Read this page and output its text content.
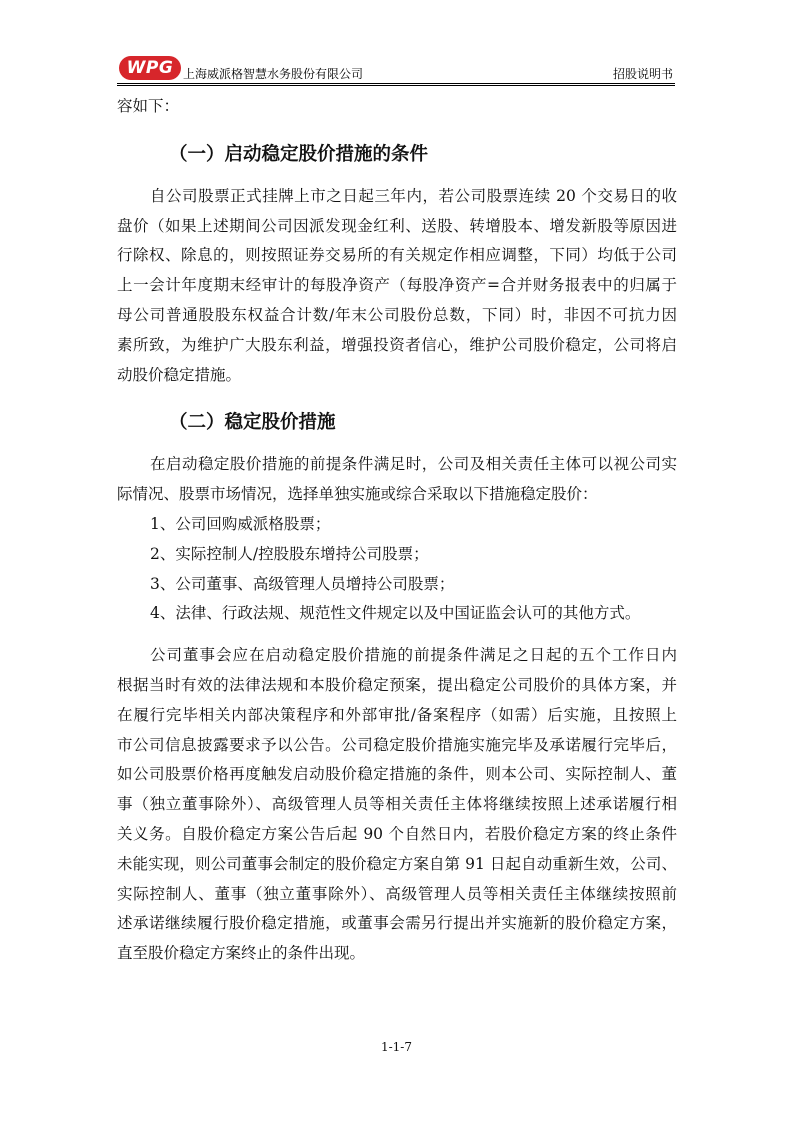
WPG 上海威派格智慧水务股份有限公司	招股说明书
容如下：
（一）启动稳定股价措施的条件
自公司股票正式挂牌上市之日起三年内，若公司股票连续 20 个交易日的收
盘价（如果上述期间公司因派发现金红利、送股、转增股本、增发新股等原因进
行除权、除息的，则按照证券交易所的有关规定作相应调整，下同）均低于公司
上一会计年度期末经审计的每股净资产（每股净资产=合并财务报表中的归属于
母公司普通股股东权益合计数/年末公司股份总数，下同）时，非因不可抗力因
素所致，为维护广大股东利益，增强投资者信心，维护公司股价稳定，公司将启
动股价稳定措施。
（二）稳定股价措施
在启动稳定股价措施的前提条件满足时，公司及相关责任主体可以视公司实
际情况、股票市场情况，选择单独实施或综合采取以下措施稳定股价：
1、公司回购威派格股票；
2、实际控制人/控股股东增持公司股票；
3、公司董事、高级管理人员增持公司股票；
4、法律、行政法规、规范性文件规定以及中国证监会认可的其他方式。
公司董事会应在启动稳定股价措施的前提条件满足之日起的五个工作日内
根据当时有效的法律法规和本股价稳定预案，提出稳定公司股价的具体方案，并
在履行完毕相关内部决策程序和外部审批/备案程序（如需）后实施，且按照上
市公司信息披露要求予以公告。公司稳定股价措施实施完毕及承诺履行完毕后，
如公司股票价格再度触发启动股价稳定措施的条件，则本公司、实际控制人、董
事（独立董事除外）、高级管理人员等相关责任主体将继续按照上述承诺履行相
关义务。自股价稳定方案公告后起 90 个自然日内，若股价稳定方案的终止条件
未能实现，则公司董事会制定的股价稳定方案自第 91 日起自动重新生效，公司、
实际控制人、董事（独立董事除外）、高级管理人员等相关责任主体继续按照前
述承诺继续履行股价稳定措施，或董事会需另行提出并实施新的股价稳定方案，
直至股价稳定方案终止的条件出现。
1-1-7
